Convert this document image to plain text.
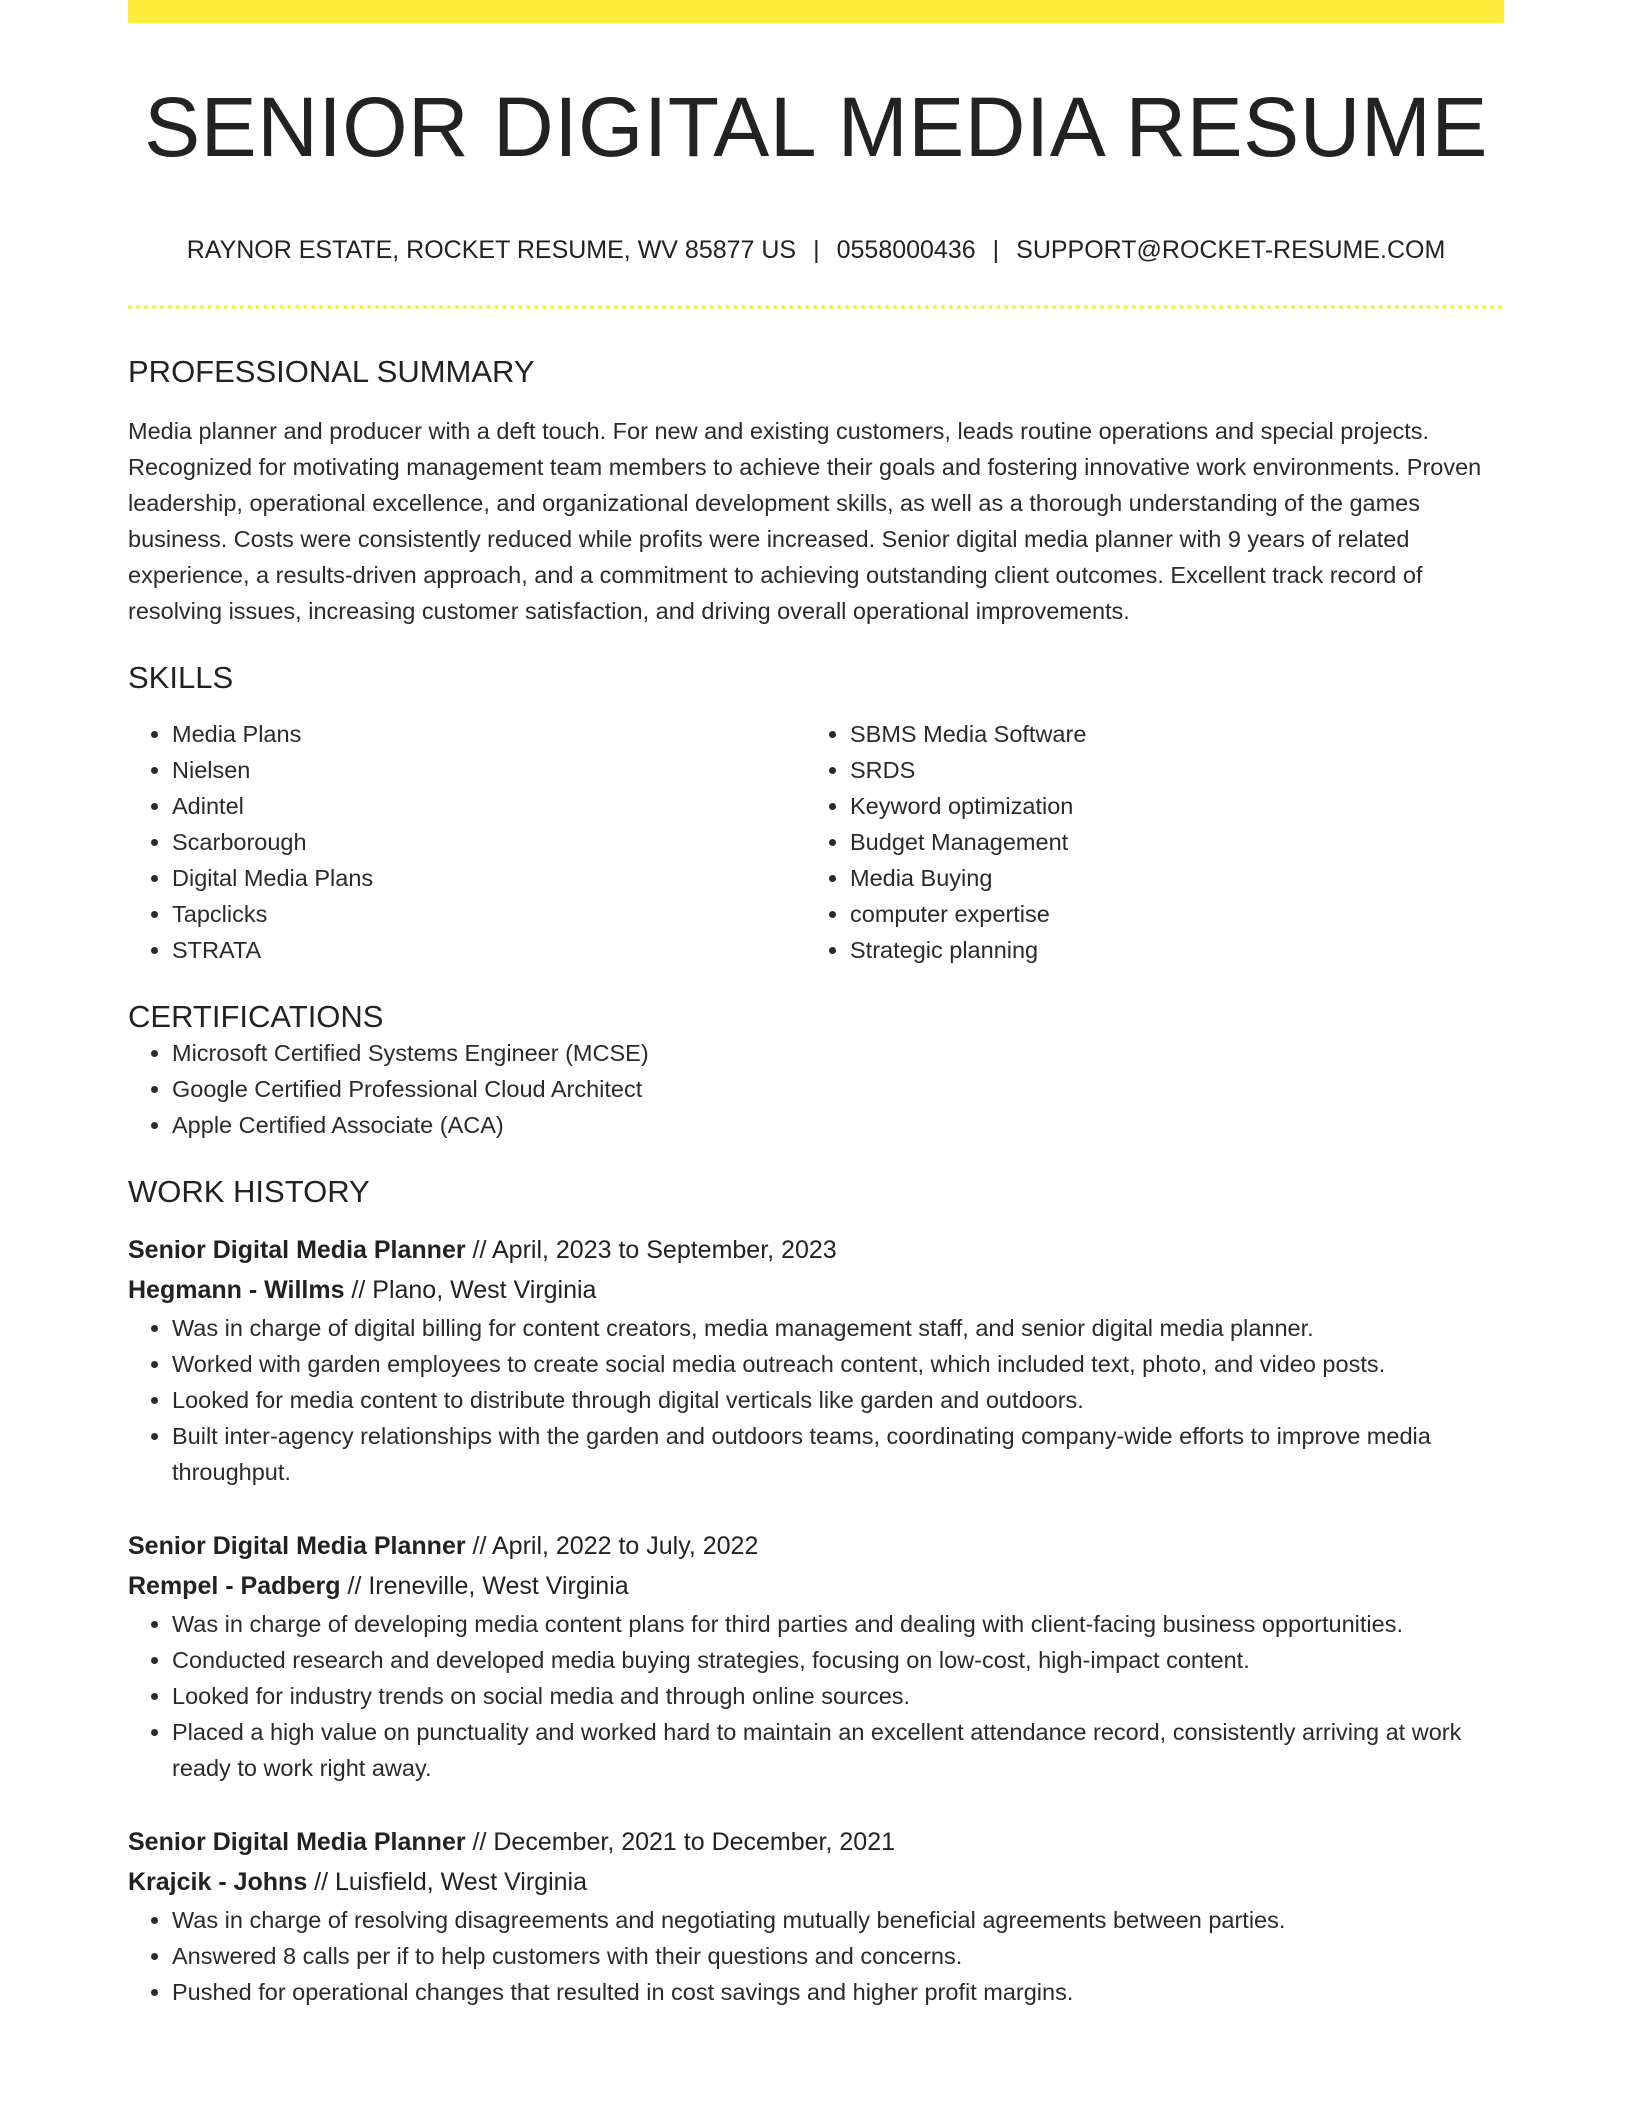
SENIOR DIGITAL MEDIA RESUME
RAYNOR ESTATE, ROCKET RESUME, WV 85877 US | 0558000436 | SUPPORT@ROCKET-RESUME.COM
PROFESSIONAL SUMMARY

Media planner and producer with a deft touch. For new and existing customers, leads routine operations and special projects. Recognized for motivating management team members to achieve their goals and fostering innovative work environments. Proven leadership, operational excellence, and organizational development skills, as well as a thorough understanding of the games business. Costs were consistently reduced while profits were increased. Senior digital media planner with 9 years of related experience, a results-driven approach, and a commitment to achieving outstanding client outcomes. Excellent track record of resolving issues, increasing customer satisfaction, and driving overall operational improvements.

SKILLS
• Media Plans
• Nielsen
• Adintel
• Scarborough
• Digital Media Plans
• Tapclicks
• STRATA
• SBMS Media Software
• SRDS
• Keyword optimization
• Budget Management
• Media Buying
• computer expertise
• Strategic planning
CERTIFICATIONS
• Microsoft Certified Systems Engineer (MCSE)
• Google Certified Professional Cloud Architect
• Apple Certified Associate (ACA)
WORK HISTORY
Senior Digital Media Planner // April, 2023 to September, 2023
Hegmann - Willms // Plano, West Virginia
• Was in charge of digital billing for content creators, media management staff, and senior digital media planner.
• Worked with garden employees to create social media outreach content, which included text, photo, and video posts.
• Looked for media content to distribute through digital verticals like garden and outdoors.
• Built inter-agency relationships with the garden and outdoors teams, coordinating company-wide efforts to improve media throughput.
Senior Digital Media Planner // April, 2022 to July, 2022
Rempel - Padberg // Ireneville, West Virginia
• Was in charge of developing media content plans for third parties and dealing with client-facing business opportunities.
• Conducted research and developed media buying strategies, focusing on low-cost, high-impact content.
• Looked for industry trends on social media and through online sources.
• Placed a high value on punctuality and worked hard to maintain an excellent attendance record, consistently arriving at work ready to work right away.
Senior Digital Media Planner // December, 2021 to December, 2021
Krajcik - Johns // Luisfield, West Virginia
• Was in charge of resolving disagreements and negotiating mutually beneficial agreements between parties.
• Answered 8 calls per if to help customers with their questions and concerns.
• Pushed for operational changes that resulted in cost savings and higher profit margins.
